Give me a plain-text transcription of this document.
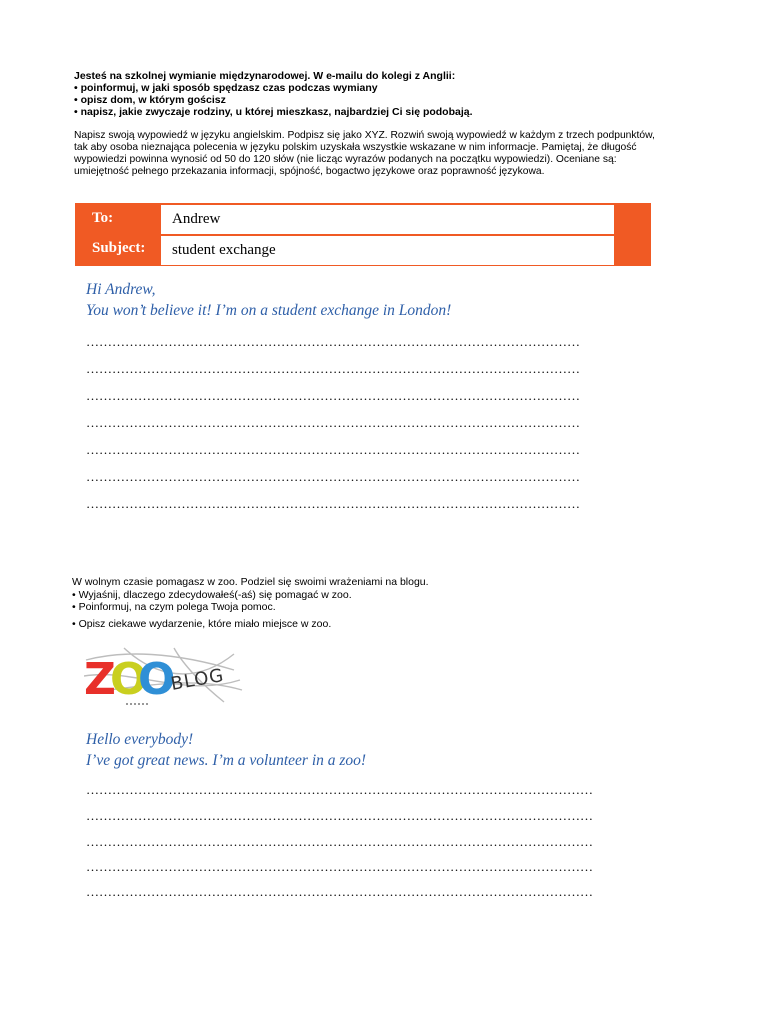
Jesteś na szkolnej wymianie międzynarodowej. W e-mailu do kolegi z Anglii:
• poinformuj, w jaki sposób spędzasz czas podczas wymiany
• opisz dom, w którym gościsz
• napisz, jakie zwyczaje rodziny, u której mieszkasz, najbardziej Ci się podobają.
Napisz swoją wypowiedź w języku angielskim. Podpisz się jako XYZ. Rozwiń swoją wypowiedź w każdym z trzech podpunktów,
tak aby osoba nieznająca polecenia w języku polskim uzyskała wszystkie wskazane w nim informacje. Pamiętaj, że długość
wypowiedzi powinna wynosić od 50 do 120 słów (nie licząc wyrazów podanych na początku wypowiedzi). Oceniane są:
umiejętność pełnego przekazania informacji, spójność, bogactwo językowe oraz poprawność językowa.
To:	Andrew
Subject:	student exchange
Hi Andrew,
You won’t believe it! I’m on a student exchange in London!
……………………………………………………………………………………………………
……………………………………………………………………………………………………
……………………………………………………………………………………………………
……………………………………………………………………………………………………
……………………………………………………………………………………………………
……………………………………………………………………………………………………
……………………………………………………………………………………………………
W wolnym czasie pomagasz w zoo. Podziel się swoimi wrażeniami na blogu.
• Wyjaśnij, dlaczego zdecydowałeś(-aś) się pomagać w zoo.
• Poinformuj, na czym polega Twoja pomoc.
• Opisz ciekawe wydarzenie, które miało miejsce w zoo.
Z
O
O
BLOG
Hello everybody!
I’ve got great news. I’m a volunteer in a zoo!
………………………………………………………………………………………………………
………………………………………………………………………………………………………
………………………………………………………………………………………………………
………………………………………………………………………………………………………
………………………………………………………………………………………………………
